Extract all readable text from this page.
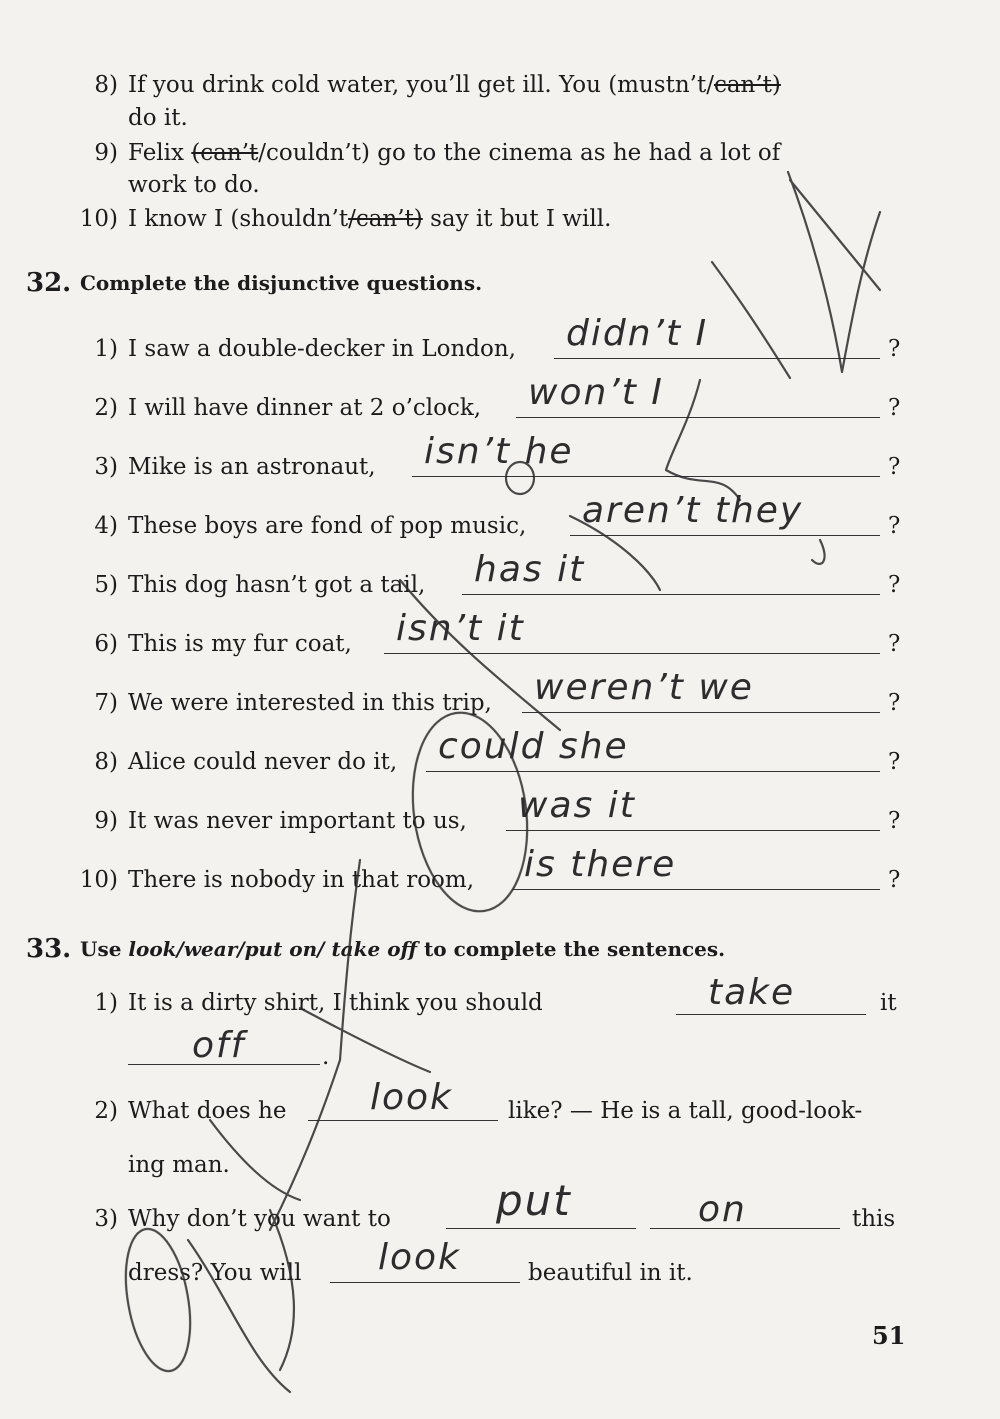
8) If you drink cold water, you’ll get ill. You (mustn’t/can’t)
do it.
9) Felix (can’t/couldn’t) go to the cinema as he had a lot of
work to do.
10) I know I (shouldn’t/can’t) say it but I will.
32. Complete the disjunctive questions.
1) I saw a double-decker in London, didn’t I	?
2) I will have dinner at 2 o’clock, won’t I	?
3) Mike is an astronaut, isn’t he	?
4) These boys are fond of pop music, aren’t they	?
5) This dog hasn’t got a tail, has it	?
6) This is my fur coat, isn’t it	?
7) We were interested in this trip, weren’t we	?
8) Alice could never do it, could she	?
9) It was never important to us, was it	?
10) There is nobody in that room, is there	?
33. Use look/wear/put on/ take off to complete the sentences.
1) It is a dirty shirt, I think you should	take	it
off	.
2) What does he look like? — He is a tall, good-look-
ing man.
3) Why don’t you want to	put	on	this
dress? You will look	beautiful in it.
51
